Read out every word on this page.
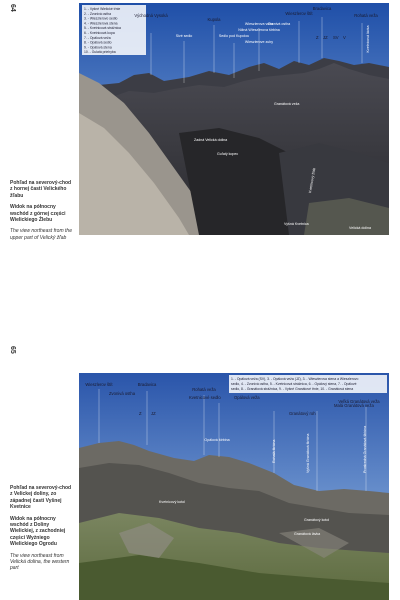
64	1. - Vyšné Wielické tŕnie
2. - Zvonivá ostha
3. - Wieszlerovo sedlo
4. - Wieszlerova stena
5. - Kvetnicová strážnica
6. - Kvetnicová kopa
7. - Opálová veža
8. - Opálová sedlo
9. - Opálová stena
10. - Gulatá priehyba
Východná Vysoká
Kupola
Wieszlerov štít
Bradavica
Rohatá veža
Sivé sedlo	Sedlo pod Kupolou
Wieszlerova veža
Nižná Wieszlerova štrbina
Wieszlerove zuby
Zvonivá ostha
Kvetnicová lávka
Z JZ SV V
Granátová veža
Zadná Velická dolina
Guľatý kopec
Kvetnicový žľab
Vyšná Kvetnica
Velická dolina

Pohľad na severový-chod z hornej časti Velického žľabu

Widok na północny wschód z górnej części Wielickiego Żlebu

The view northeast from the upper part of Velický žľab

65
1. - Opálová veža (SV), 3. - Opálová veža (JZ), 3. - Wieszlerova stena a Wieszlerovo
sedlo, 4. - Zvonivá ostha, 5. - Kvetnicová strážnica, 6. - Opálový stena, 7. - Opálové
sedlo, 8. - Granátová strážnica, 9. - Vyšné Granátové tŕnie, 10. - Granátová stena
Wieszlerov štít	Bradavica
Rohatá veža
Veľká Granátová veža
Zvonivá ostha
Kvetnicové sedlo	Opálová veža
Opálová štrbina
Granátový roh
Malá Granátová veža
Rohatá štrbina	Vyšná Granátová štrbina	Prostredná Granátová štrbina
Z JZ
Kvetnicový kotol
Granátový kotol
Granátová lávka

Pohľad na severový-chod z Velickej doliny, zo západnej časti Vyšnej Kvetnice

Widok na północny wschód z Doliny Wielickiej, z zachodniej części Wyżniego Wielickiego Ogrodu

The view northeast from Velická dolina, the western part
